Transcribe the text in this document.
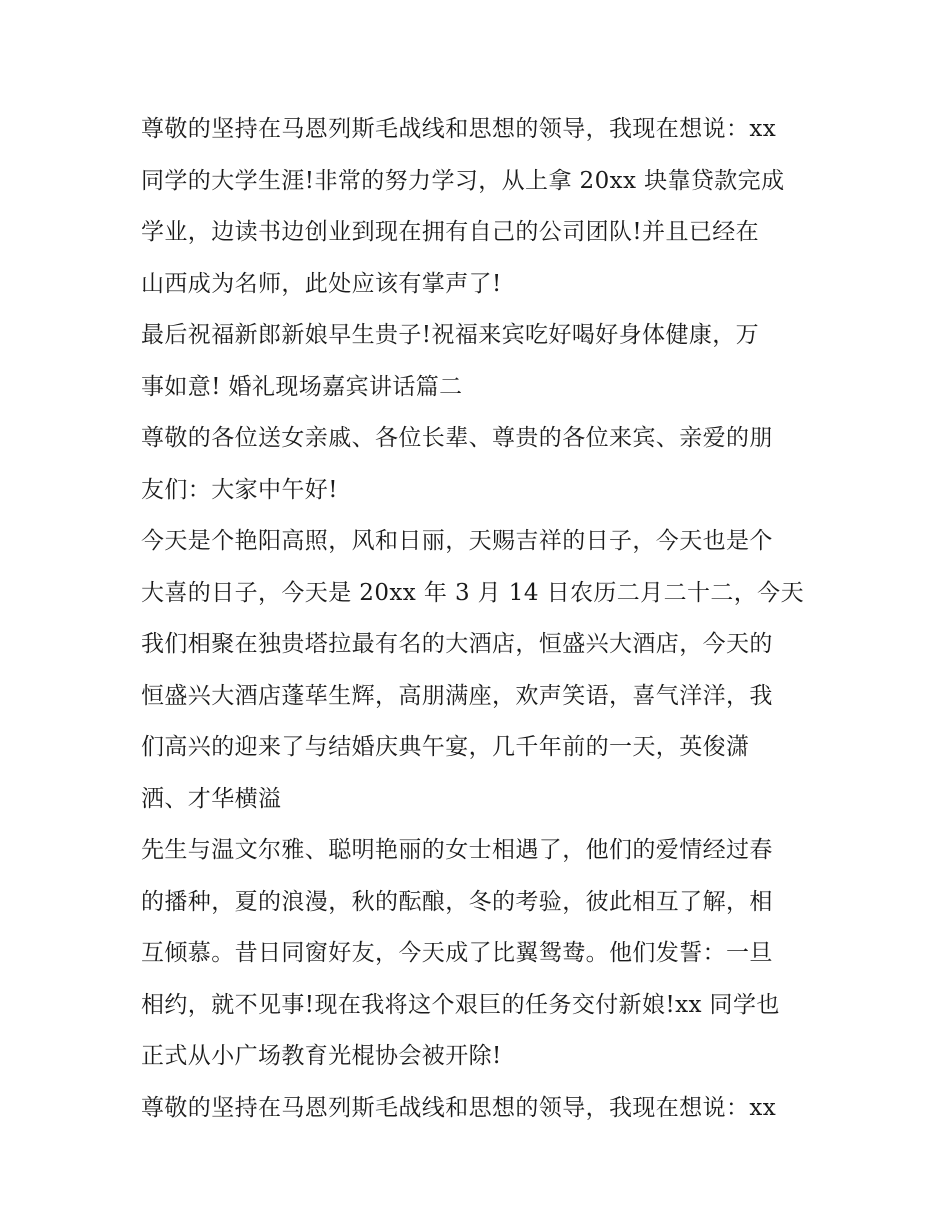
尊敬的坚持在马恩列斯毛战线和思想的领导，我现在想说：xx
同学的大学生涯!非常的努力学习，从上拿 20xx 块靠贷款完成
学业，边读书边创业到现在拥有自己的公司团队!并且已经在
山西成为名师，此处应该有掌声了!
最后祝福新郎新娘早生贵子!祝福来宾吃好喝好身体健康，万
事如意! 婚礼现场嘉宾讲话篇二
尊敬的各位送女亲戚、各位长辈、尊贵的各位来宾、亲爱的朋
友们：大家中午好!
今天是个艳阳高照，风和日丽，天赐吉祥的日子，今天也是个
大喜的日子，今天是 20xx 年 3 月 14 日农历二月二十二，今天
我们相聚在独贵塔拉最有名的大酒店，恒盛兴大酒店，今天的
恒盛兴大酒店蓬荜生辉，高朋满座，欢声笑语，喜气洋洋，我
们高兴的迎来了与结婚庆典午宴，几千年前的一天，英俊潇
洒、才华横溢
先生与温文尔雅、聪明艳丽的女士相遇了，他们的爱情经过春
的播种，夏的浪漫，秋的酝酿，冬的考验，彼此相互了解，相
互倾慕。昔日同窗好友，今天成了比翼鸳鸯。他们发誓：一旦
相约，就不见事!现在我将这个艰巨的任务交付新娘!xx 同学也
正式从小广场教育光棍协会被开除!
尊敬的坚持在马恩列斯毛战线和思想的领导，我现在想说：xx
